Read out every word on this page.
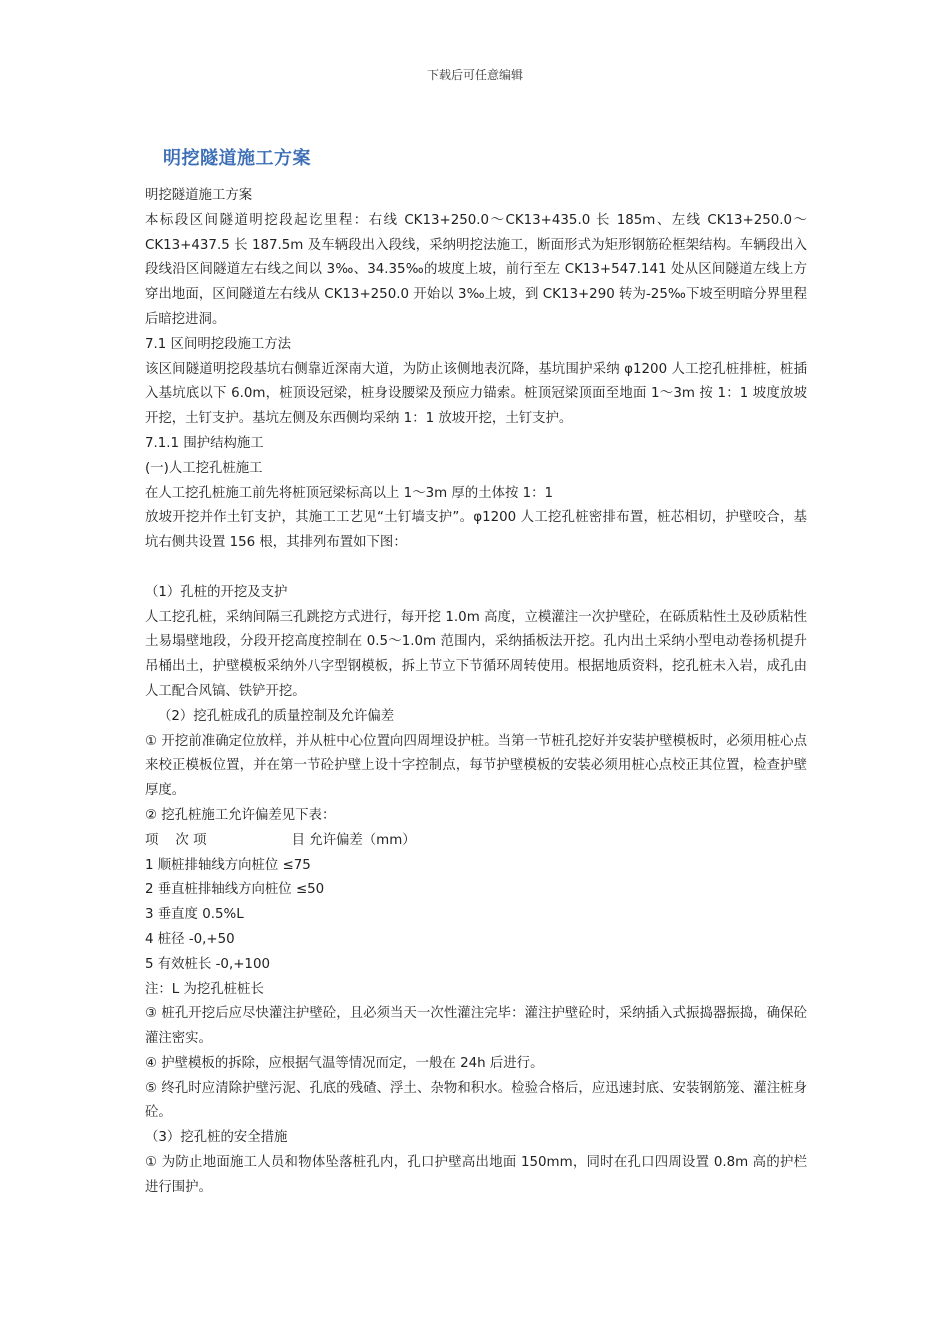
下载后可任意编辑
明挖隧道施工方案

明挖隧道施工方案

本标段区间隧道明挖段起讫里程：右线 CK13+250.0～CK13+435.0 长 185m、左线 CK13+250.0～CK13+437.5 长 187.5m 及车辆段出入段线，采纳明挖法施工，断面形式为矩形钢筋砼框架结构。车辆段出入段线沿区间隧道左右线之间以 3‰、34.35‰的坡度上坡，前行至左 CK13+547.141 处从区间隧道左线上方穿出地面，区间隧道左右线从 CK13+250.0 开始以 3‰上坡，到 CK13+290 转为-25‰下坡至明暗分界里程后暗挖进洞。

7.1 区间明挖段施工方法

该区间隧道明挖段基坑右侧靠近深南大道，为防止该侧地表沉降，基坑围护采纳 φ1200 人工挖孔桩排桩，桩插入基坑底以下 6.0m，桩顶设冠梁，桩身设腰梁及预应力锚索。桩顶冠梁顶面至地面 1～3m 按 1：1 坡度放坡开挖，土钉支护。基坑左侧及东西侧均采纳 1：1 放坡开挖，土钉支护。

7.1.1 围护结构施工

(一)人工挖孔桩施工

在人工挖孔桩施工前先将桩顶冠梁标高以上 1～3m 厚的土体按 1：1

放坡开挖并作土钉支护，其施工工艺见“土钉墙支护”。φ1200 人工挖孔桩密排布置，桩芯相切，护壁咬合，基坑右侧共设置 156 根，其排列布置如下图：

（1）孔桩的开挖及支护

人工挖孔桩，采纳间隔三孔跳挖方式进行，每开挖 1.0m 高度，立模灌注一次护壁砼，在砾质粘性土及砂质粘性土易塌壁地段，分段开挖高度控制在 0.5～1.0m 范围内，采纳插板法开挖。孔内出土采纳小型电动卷扬机提升吊桶出土，护壁模板采纳外八字型钢模板，拆上节立下节循环周转使用。根据地质资料，挖孔桩未入岩，成孔由人工配合风镐、铁铲开挖。

（2）挖孔桩成孔的质量控制及允许偏差

① 开挖前准确定位放样，并从桩中心位置向四周埋设护桩。当第一节桩孔挖好并安装护壁模板时，必须用桩心点来校正模板位置，并在第一节砼护壁上设十字控制点，每节护壁模板的安装必须用桩心点校正其位置，检查护壁厚度。

② 挖孔桩施工允许偏差见下表：

项    次 项                    目 允许偏差（mm）

1 顺桩排轴线方向桩位 ≤75

2 垂直桩排轴线方向桩位 ≤50

3 垂直度 0.5%L

4 桩径 -0,+50

5 有效桩长 -0,+100

注：L 为挖孔桩桩长

③ 桩孔开挖后应尽快灌注护壁砼，且必须当天一次性灌注完毕：灌注护壁砼时，采纳插入式振捣器振捣，确保砼灌注密实。

④ 护壁模板的拆除，应根据气温等情况而定，一般在 24h 后进行。

⑤ 终孔时应清除护壁污泥、孔底的残碴、浮土、杂物和积水。检验合格后，应迅速封底、安装钢筋笼、灌注桩身砼。

（3）挖孔桩的安全措施

① 为防止地面施工人员和物体坠落桩孔内，孔口护壁高出地面 150mm，同时在孔口四周设置 0.8m 高的护栏进行围护。
